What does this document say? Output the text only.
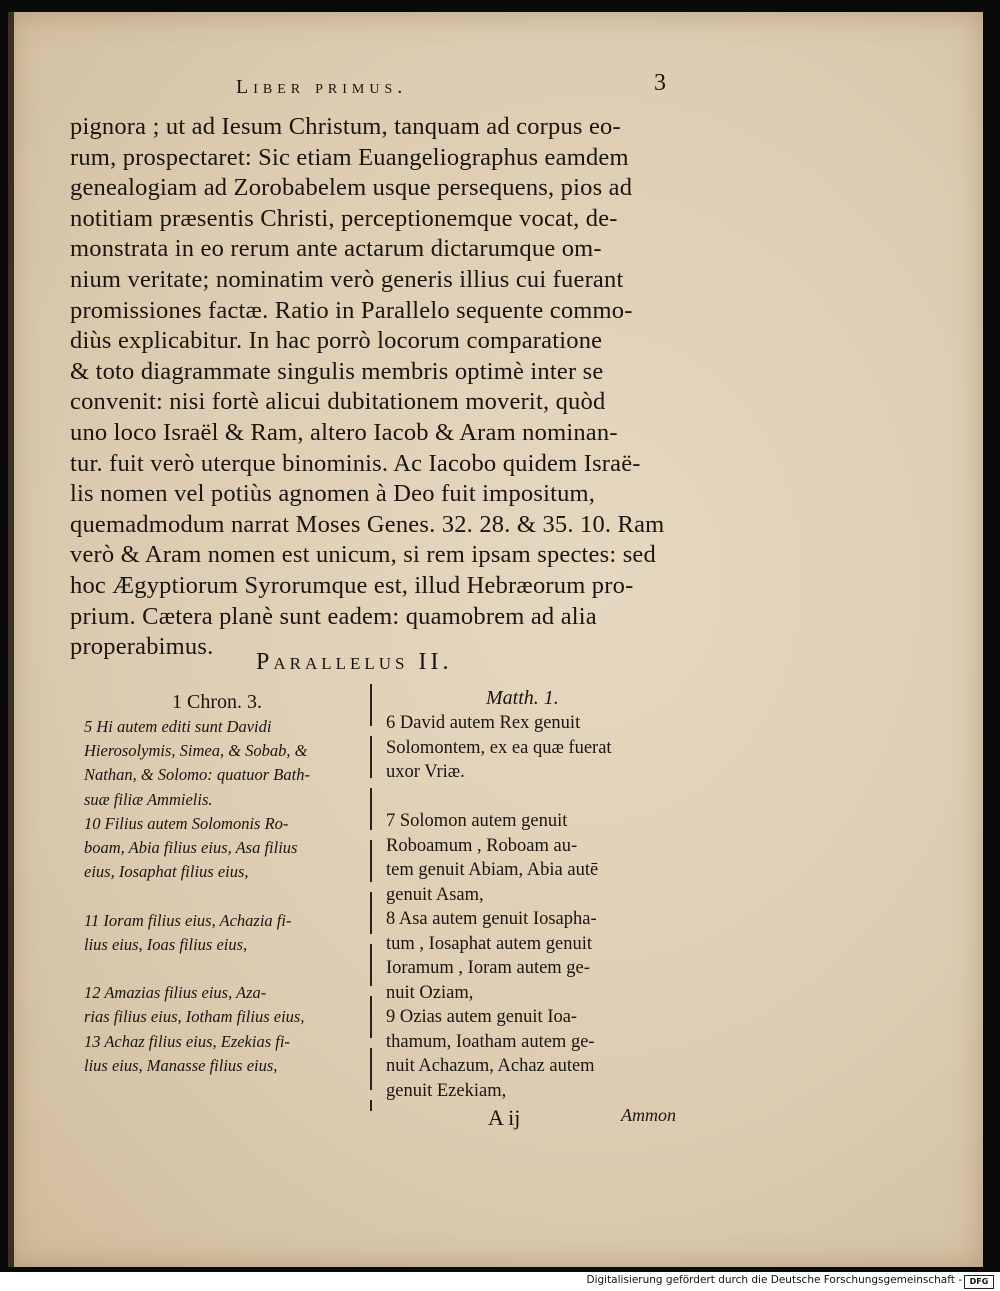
Liber primus.	3
pignora ; ut ad Iesum Christum, tanquam ad corpus eo-
rum, prospectaret: Sic etiam Euangeliographus eamdem
genealogiam ad Zorobabelem usque persequens, pios ad
notitiam præsentis Christi, perceptionemque vocat, de-
monstrata in eo rerum ante actarum dictarumque om-
nium veritate; nominatim verò generis illius cui fuerant
promissiones factæ. Ratio in Parallelo sequente commo-
diùs explicabitur. In hac porrò locorum comparatione
& toto diagrammate singulis membris optimè inter se
convenit: nisi fortè alicui dubitationem moverit, quòd
uno loco Israël & Ram, altero Iacob & Aram nominan-
tur. fuit verò uterque binominis. Ac Iacobo quidem Israë-
lis nomen vel potiùs agnomen à Deo fuit impositum,
quemadmodum narrat Moses Genes. 32. 28. & 35. 10. Ram
verò & Aram nomen est unicum, si rem ipsam spectes: sed
hoc Ægyptiorum Syrorumque est, illud Hebræorum pro-
prium. Cætera planè sunt eadem: quamobrem ad alia
properabimus.
Parallelus II.
1 Chron. 3.
5 Hi autem editi sunt Davidi
Hierosolymis, Simea, & Sobab, &
Nathan, & Solomo: quatuor Bath-
suæ filiæ Ammielis.
10 Filius autem Solomonis Ro-
boam, Abia filius eius, Asa filius
eius, Iosaphat filius eius,

11 Ioram filius eius, Achazia fi-
lius eius, Ioas filius eius,

12 Amazias filius eius, Aza-
rias filius eius, Iotham filius eius,
13 Achaz filius eius, Ezekias fi-
lius eius, Manasse filius eius,
Matth. 1.
6 David autem Rex genuit
Solomontem, ex ea quæ fuerat
uxor Vriæ.

7 Solomon autem genuit
Roboamum , Roboam au-
tem genuit Abiam, Abia autē
genuit Asam,
8 Asa autem genuit Iosapha-
tum , Iosaphat autem genuit
Ioramum , Ioram autem ge-
nuit Oziam,
9 Ozias autem genuit Ioa-
thamum, Ioatham autem ge-
nuit Achazum, Achaz autem
genuit Ezekiam,
A ij	Ammon
Digitalisierung gefördert durch die Deutsche Forschungsgemeinschaft - DFG
